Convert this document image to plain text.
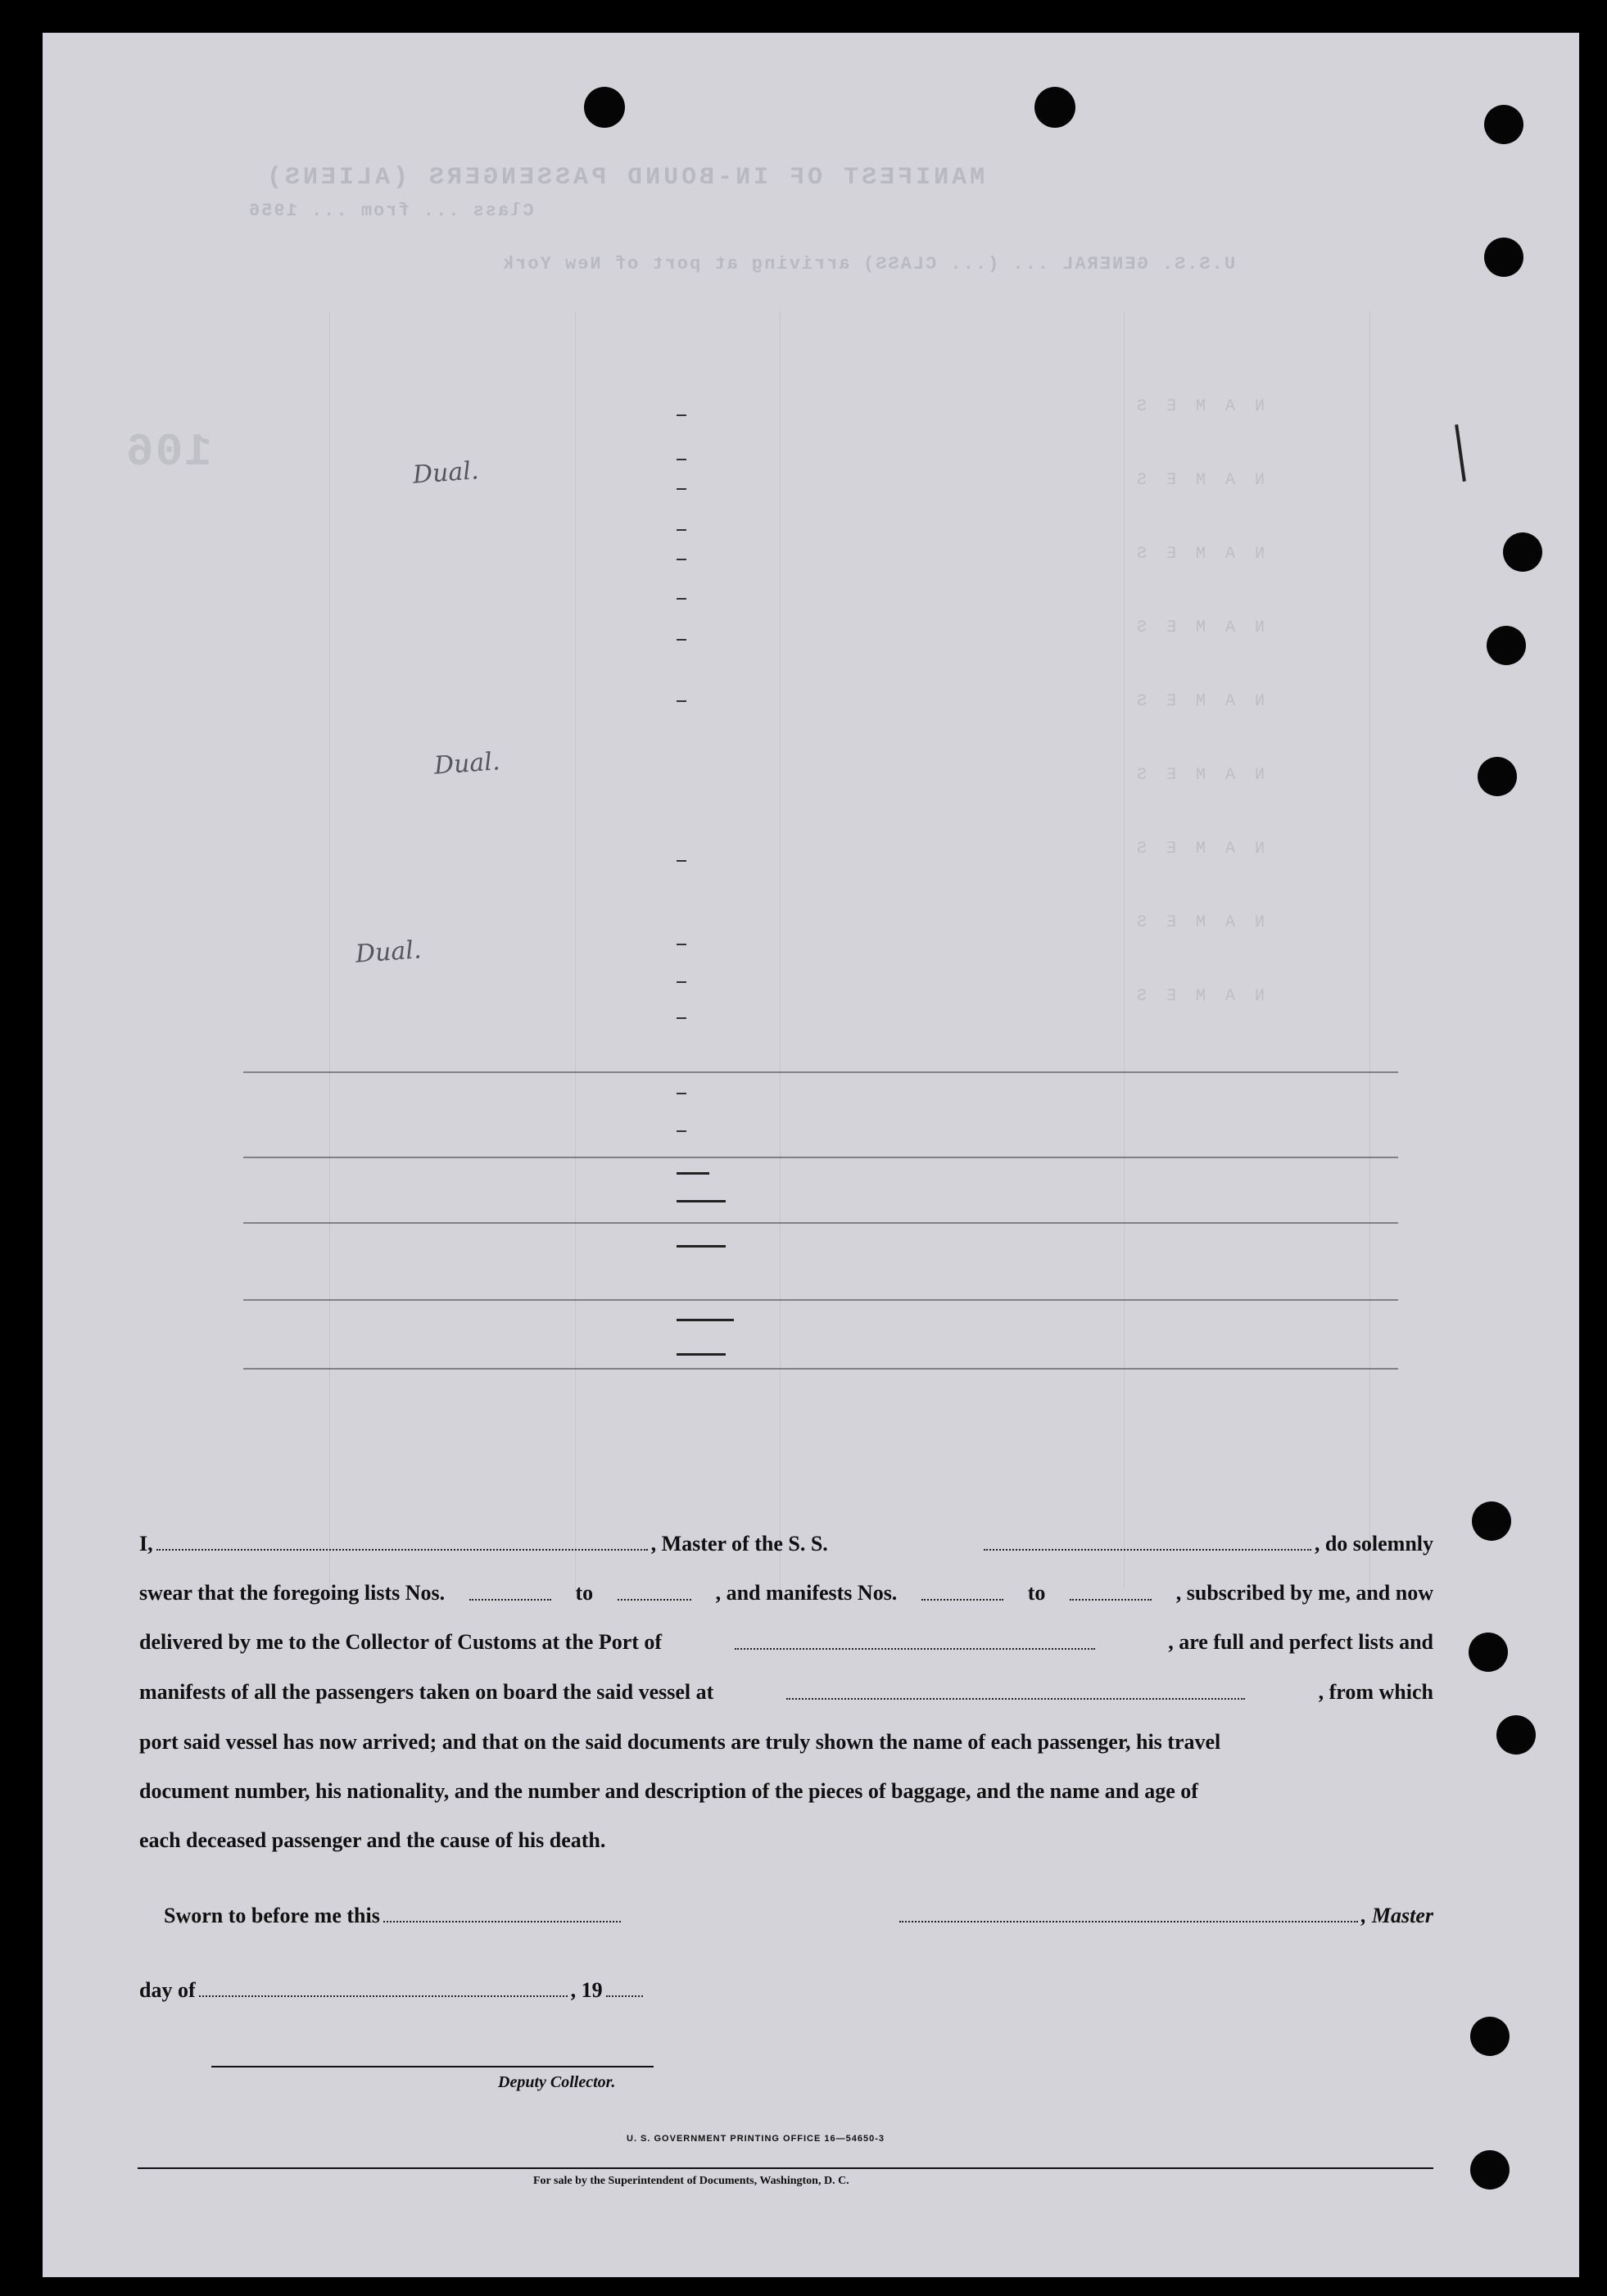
MANIFEST OF IN-BOUND PASSENGERS (ALIENS)
Class ... from ... 1956
arriving at port of New York U.S.S. GENERAL ... (... CLASS)
106
N A M E S
N A M E S
N A M E S
N A M E S
N A M E S
N A M E S
N A M E S
N A M E S
N A M E S
Dual.
Dual.
Dual.
I,	, Master of the S. S.	, do solemnly
swear that the foregoing lists Nos.	to	, and manifests Nos.	to	, subscribed by me, and now
delivered by me to the Collector of Customs at the Port of	, are full and perfect lists and
manifests of all the passengers taken on board the said vessel at	, from which
port said vessel has now arrived; and that on the said documents are truly shown the name of each passenger, his travel
document number, his nationality, and the number and description of the pieces of baggage, and the name and age of
each deceased passenger and the cause of his death.
Sworn to before me this	, Master
day of	, 19
Deputy Collector.
U. S. GOVERNMENT PRINTING OFFICE 16—54650-3
For sale by the Superintendent of Documents, Washington, D. C.
